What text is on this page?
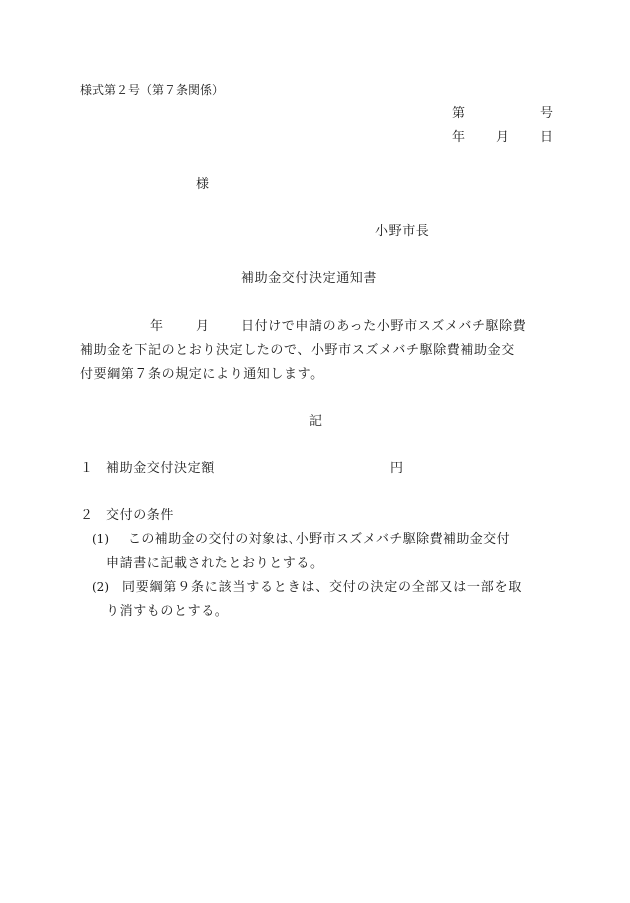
様式第２号（第７条関係）
第	号
年 月 日
様
小野市長
補助金交付決定通知書
年	月 日付けで申請のあった小野市スズメバチ駆除費
補助金を下記のとおり決定したので、小野市スズメバチ駆除費補助金交
付要綱第７条の規定により通知します。
記
１ 補助金交付決定額	円
２ 交付の条件
(1) この補助金の交付の対象は､小野市スズメバチ駆除費補助金交付
申請書に記載されたとおりとする。
(2) 同要綱第９条に該当するときは、交付の決定の全部又は一部を取
り消すものとする。
